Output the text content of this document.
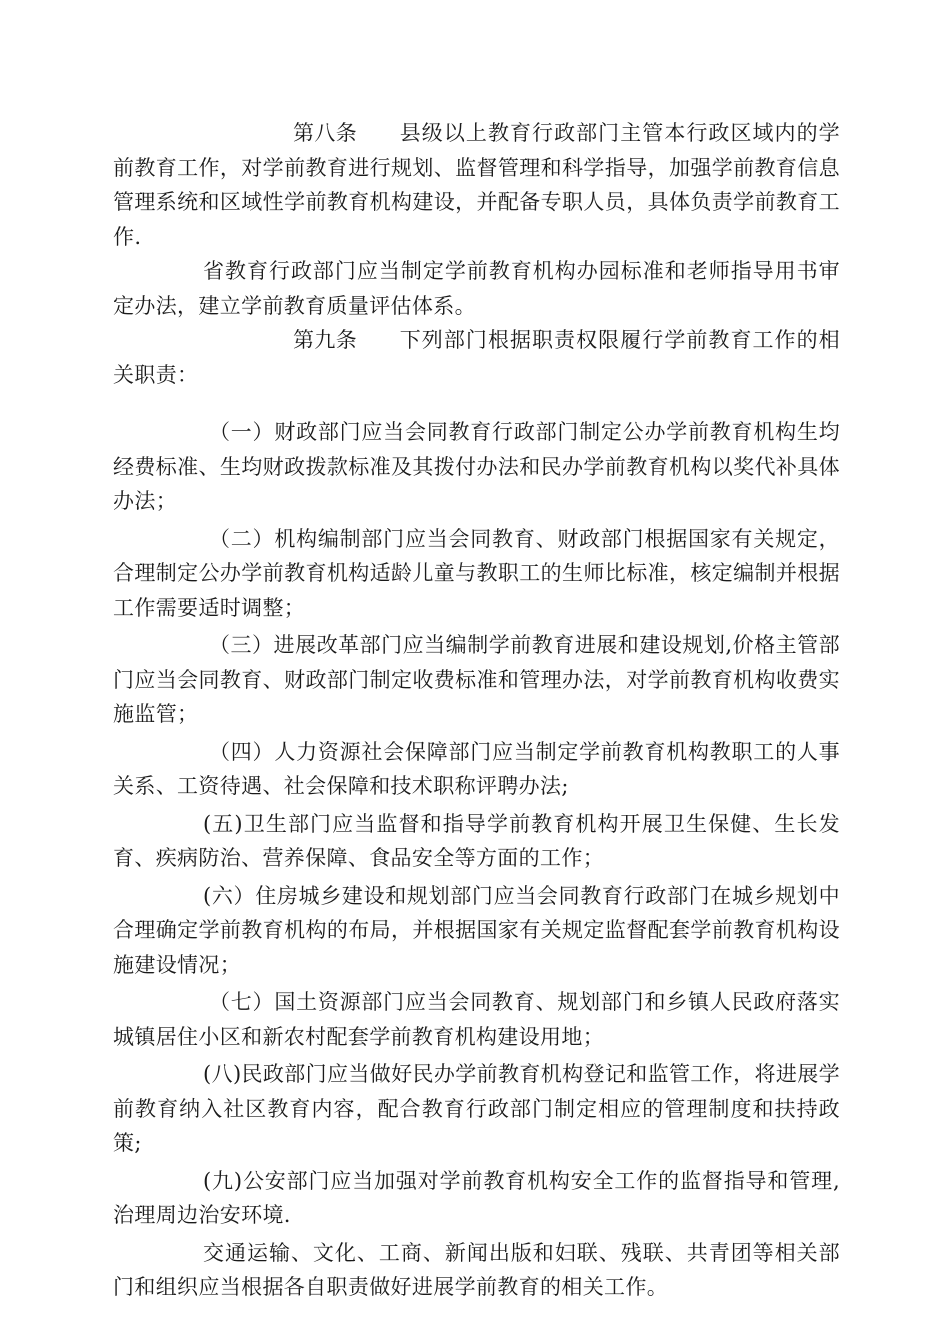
第八条 县级以上教育行政部门主管本行政区域内的学前教育工作，对学前教育进行规划、监督管理和科学指导，加强学前教育信息管理系统和区域性学前教育机构建设，并配备专职人员，具体负责学前教育工作.

省教育行政部门应当制定学前教育机构办园标准和老师指导用书审定办法，建立学前教育质量评估体系。

第九条 下列部门根据职责权限履行学前教育工作的相关职责：

（一）财政部门应当会同教育行政部门制定公办学前教育机构生均经费标准、生均财政拨款标准及其拨付办法和民办学前教育机构以奖代补具体办法；

（二）机构编制部门应当会同教育、财政部门根据国家有关规定，合理制定公办学前教育机构适龄儿童与教职工的生师比标准，核定编制并根据工作需要适时调整；

（三）进展改革部门应当编制学前教育进展和建设规划,价格主管部门应当会同教育、财政部门制定收费标准和管理办法，对学前教育机构收费实施监管；

（四）人力资源社会保障部门应当制定学前教育机构教职工的人事关系、工资待遇、社会保障和技术职称评聘办法;

(五)卫生部门应当监督和指导学前教育机构开展卫生保健、生长发育、疾病防治、营养保障、食品安全等方面的工作；

(六）住房城乡建设和规划部门应当会同教育行政部门在城乡规划中合理确定学前教育机构的布局，并根据国家有关规定监督配套学前教育机构设施建设情况；

（七）国土资源部门应当会同教育、规划部门和乡镇人民政府落实城镇居住小区和新农村配套学前教育机构建设用地；

(八)民政部门应当做好民办学前教育机构登记和监管工作，将进展学前教育纳入社区教育内容，配合教育行政部门制定相应的管理制度和扶持政策;

(九)公安部门应当加强对学前教育机构安全工作的监督指导和管理,治理周边治安环境.

交通运输、文化、工商、新闻出版和妇联、残联、共青团等相关部门和组织应当根据各自职责做好进展学前教育的相关工作。
